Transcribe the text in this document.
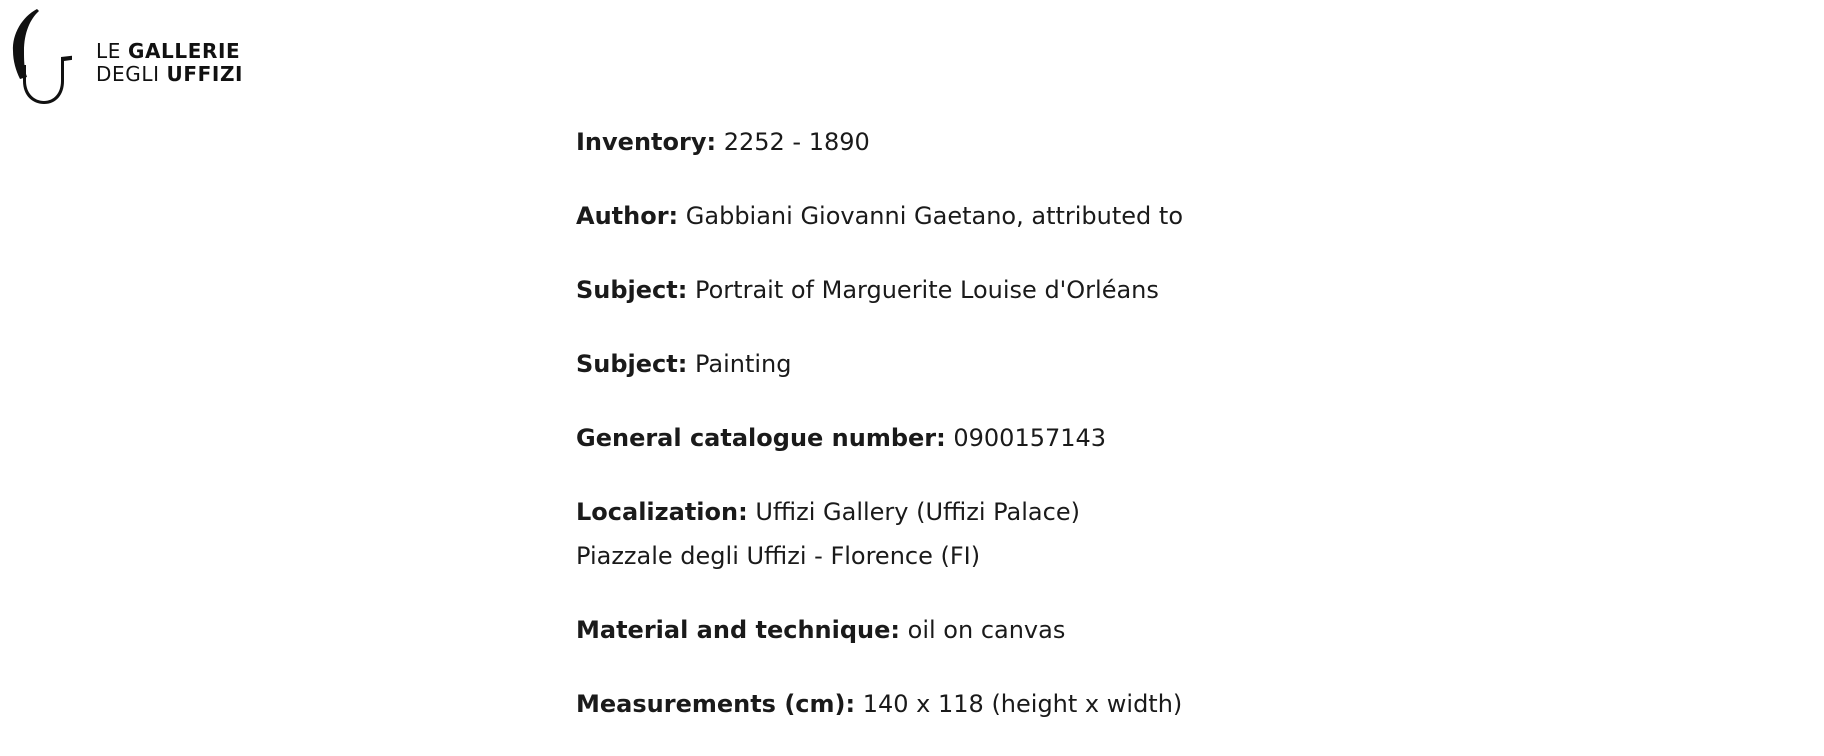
LE GALLERIE
DEGLI UFFIZI
Inventory: 2252 - 1890
Author: Gabbiani Giovanni Gaetano, attributed to
Subject: Portrait of Marguerite Louise d'Orléans
Subject: Painting
General catalogue number: 0900157143
Localization: Uffizi Gallery (Uffizi Palace)
Piazzale degli Uffizi - Florence (FI)
Material and technique: oil on canvas
Measurements (cm): 140 x 118 (height x width)
